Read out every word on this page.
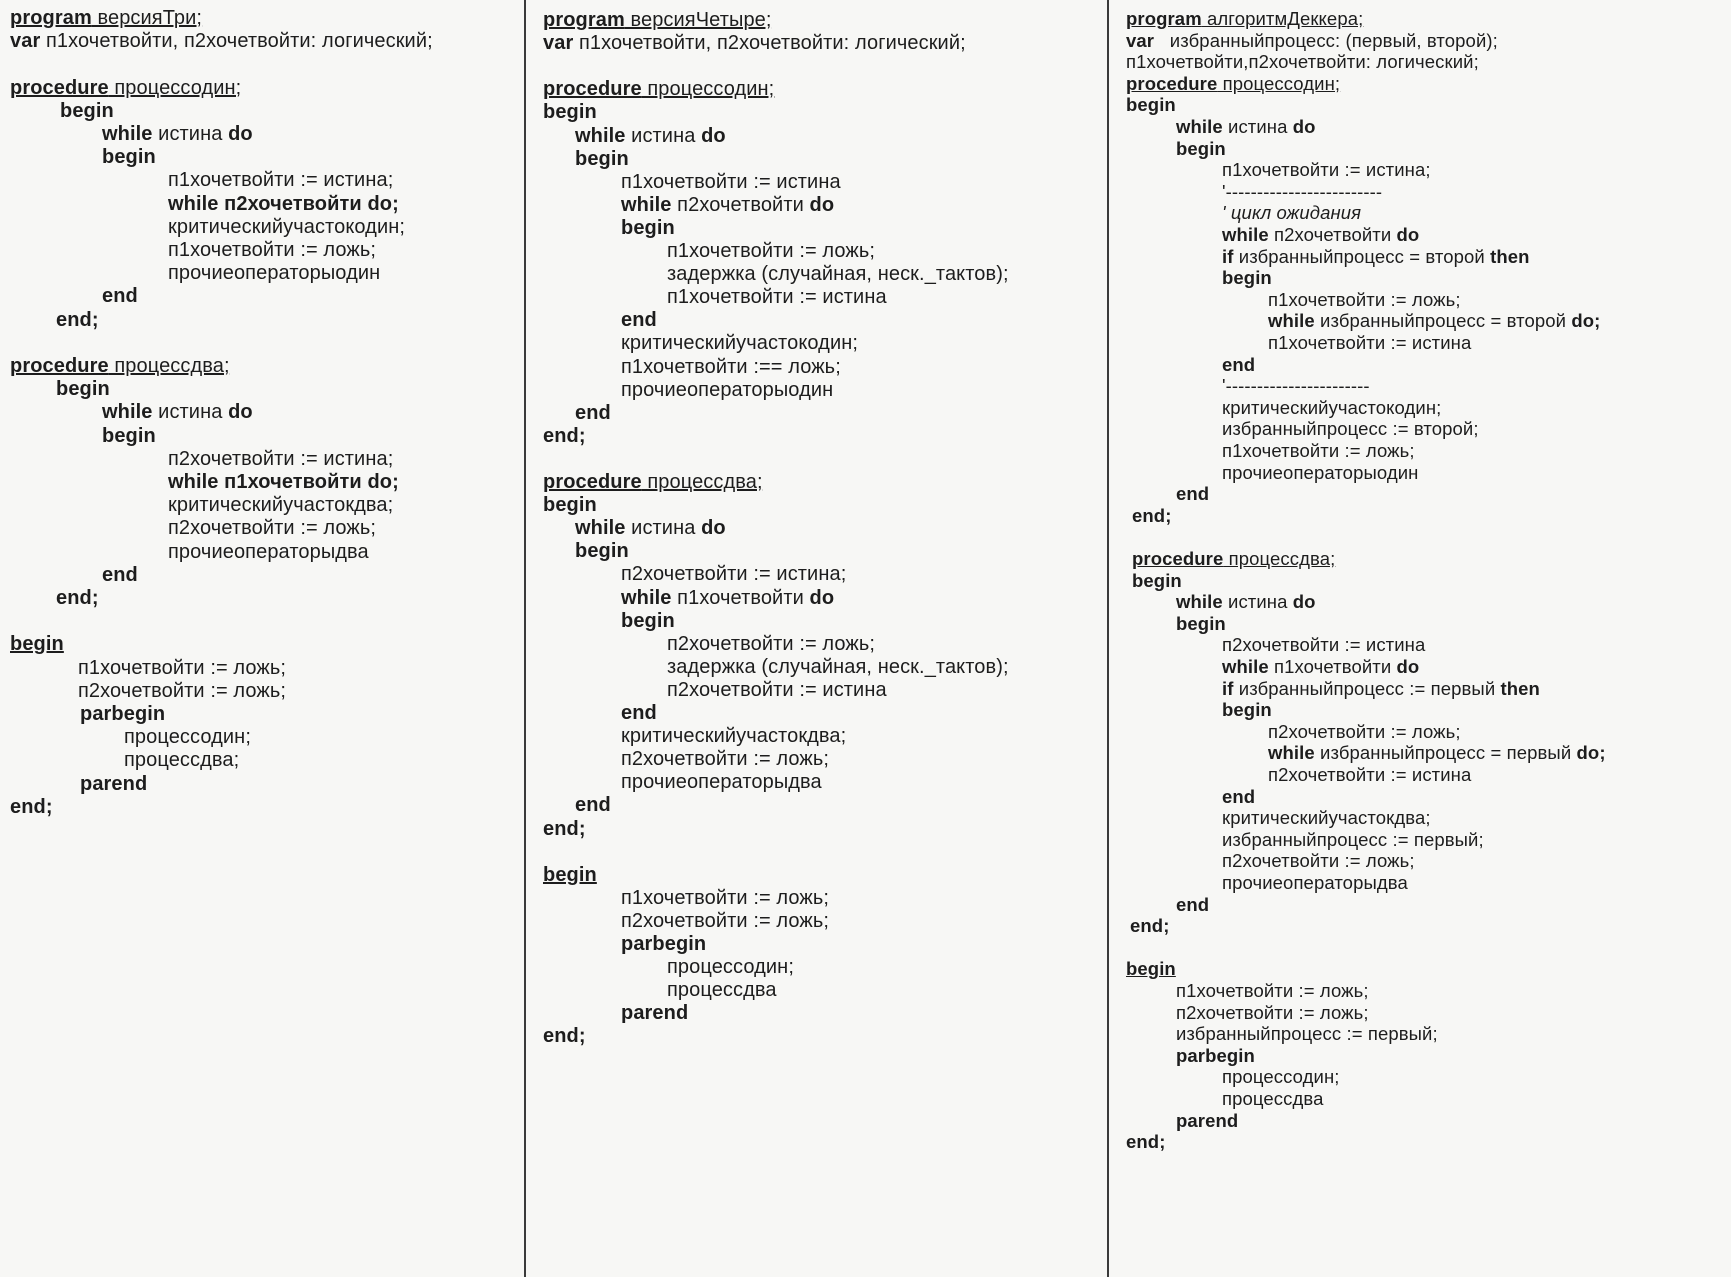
program версияТри;
var п1хочетвойти, п2хочетвойти: логический;
procedure процессодин;
begin
while истина do
begin
п1хочетвойти := истина;
while п2хочетвойти do;
критическийучастокодин;
п1хочетвойти := ложь;
прочиеоператорыодин
end
end;
procedure процессдва;
begin
while истина do
begin
п2хочетвойти := истина;
while п1хочетвойти do;
критическийучастокдва;
п2хочетвойти := ложь;
прочиеоператорыдва
end
end;
begin
п1хочетвойти := ложь;
п2хочетвойти := ложь;
parbegin
процессодин;
процессдва;
parend
end;
program версияЧетыре;
var п1хочетвойти, п2хочетвойти: логический;
procedure процессодин;
begin
while истина do
begin
п1хочетвойти := истина
while п2хочетвойти do
begin
п1хочетвойти := ложь;
задержка (случайная, неск._тактов);
п1хочетвойти := истина
end
критическийучастокодин;
п1хочетвойти :== ложь;
прочиеоператорыодин
end
end;
procedure процессдва;
begin
while истина do
begin
п2хочетвойти := истина;
while п1хочетвойти do
begin
п2хочетвойти := ложь;
задержка (случайная, неск._тактов);
п2хочетвойти := истина
end
критическийучастокдва;
п2хочетвойти := ложь;
прочиеоператорыдва
end
end;
begin
п1хочетвойти := ложь;
п2хочетвойти := ложь;
parbegin
процессодин;
процессдва
parend
end;
program алгоритмДеккера;
var   избранныйпроцесс: (первый, второй);
п1хочетвойти,п2хочетвойти: логический;
procedure процессодин;
begin
while истина do
begin
п1хочетвойти := истина;
'-------------------------
' цикл ожидания
while п2хочетвойти do
if избранныйпроцесс = второй then
begin
п1хочетвойти := ложь;
while избранныйпроцесс = второй do;
п1хочетвойти := истина
end
'-----------------------
критическийучастокодин;
избранныйпроцесс := второй;
п1хочетвойти := ложь;
прочиеоператорыодин
end
end;
procedure процессдва;
begin
while истина do
begin
п2хочетвойти := истина
while п1хочетвойти do
if избранныйпроцесс := первый then
begin
п2хочетвойти := ложь;
while избранныйпроцесс = первый do;
п2хочетвойти := истина
end
критическийучастокдва;
избранныйпроцесс := первый;
п2хочетвойти := ложь;
прочиеоператорыдва
end
end;
begin
п1хочетвойти := ложь;
п2хочетвойти := ложь;
избранныйпроцесс := первый;
parbegin
процессодин;
процессдва
parend
end;
